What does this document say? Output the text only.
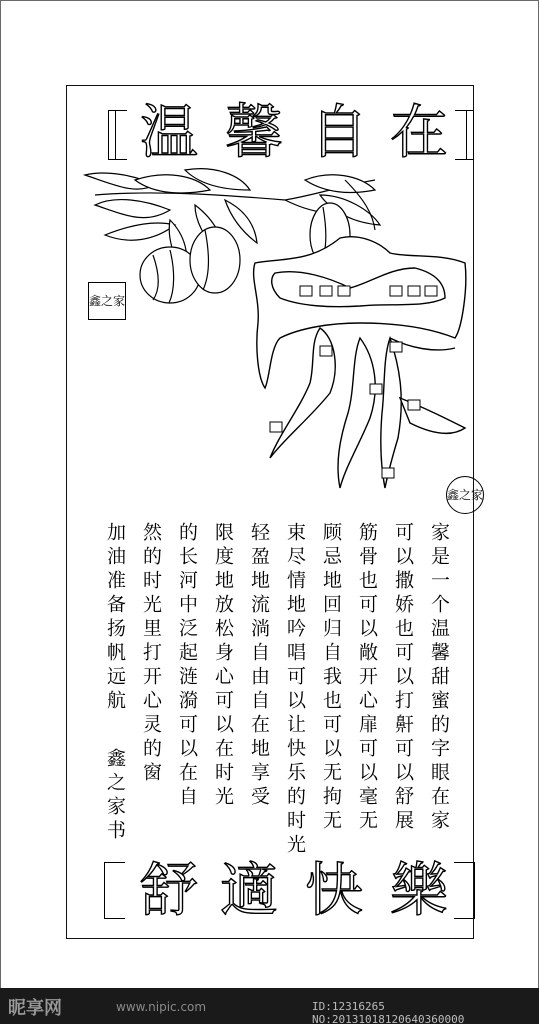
温 馨 自 在
鑫之家
鑫之家
家是一个温馨甜蜜的字眼在家
可以撒娇也可以打鼾可以舒展
筋骨也可以敞开心扉可以毫无
顾忌地回归自我也可以无拘无
束尽情地吟唱可以让快乐的时光
轻盈地流淌自由自在地享受
限度地放松身心可以在时光
的长河中泛起涟漪可以在自
然的时光里打开心灵的窗
加油准备扬帆远航
鑫之家书
舒 適 快 樂
昵享网	www.nipic.com	ID:12316265 NO:20131018120640360000
